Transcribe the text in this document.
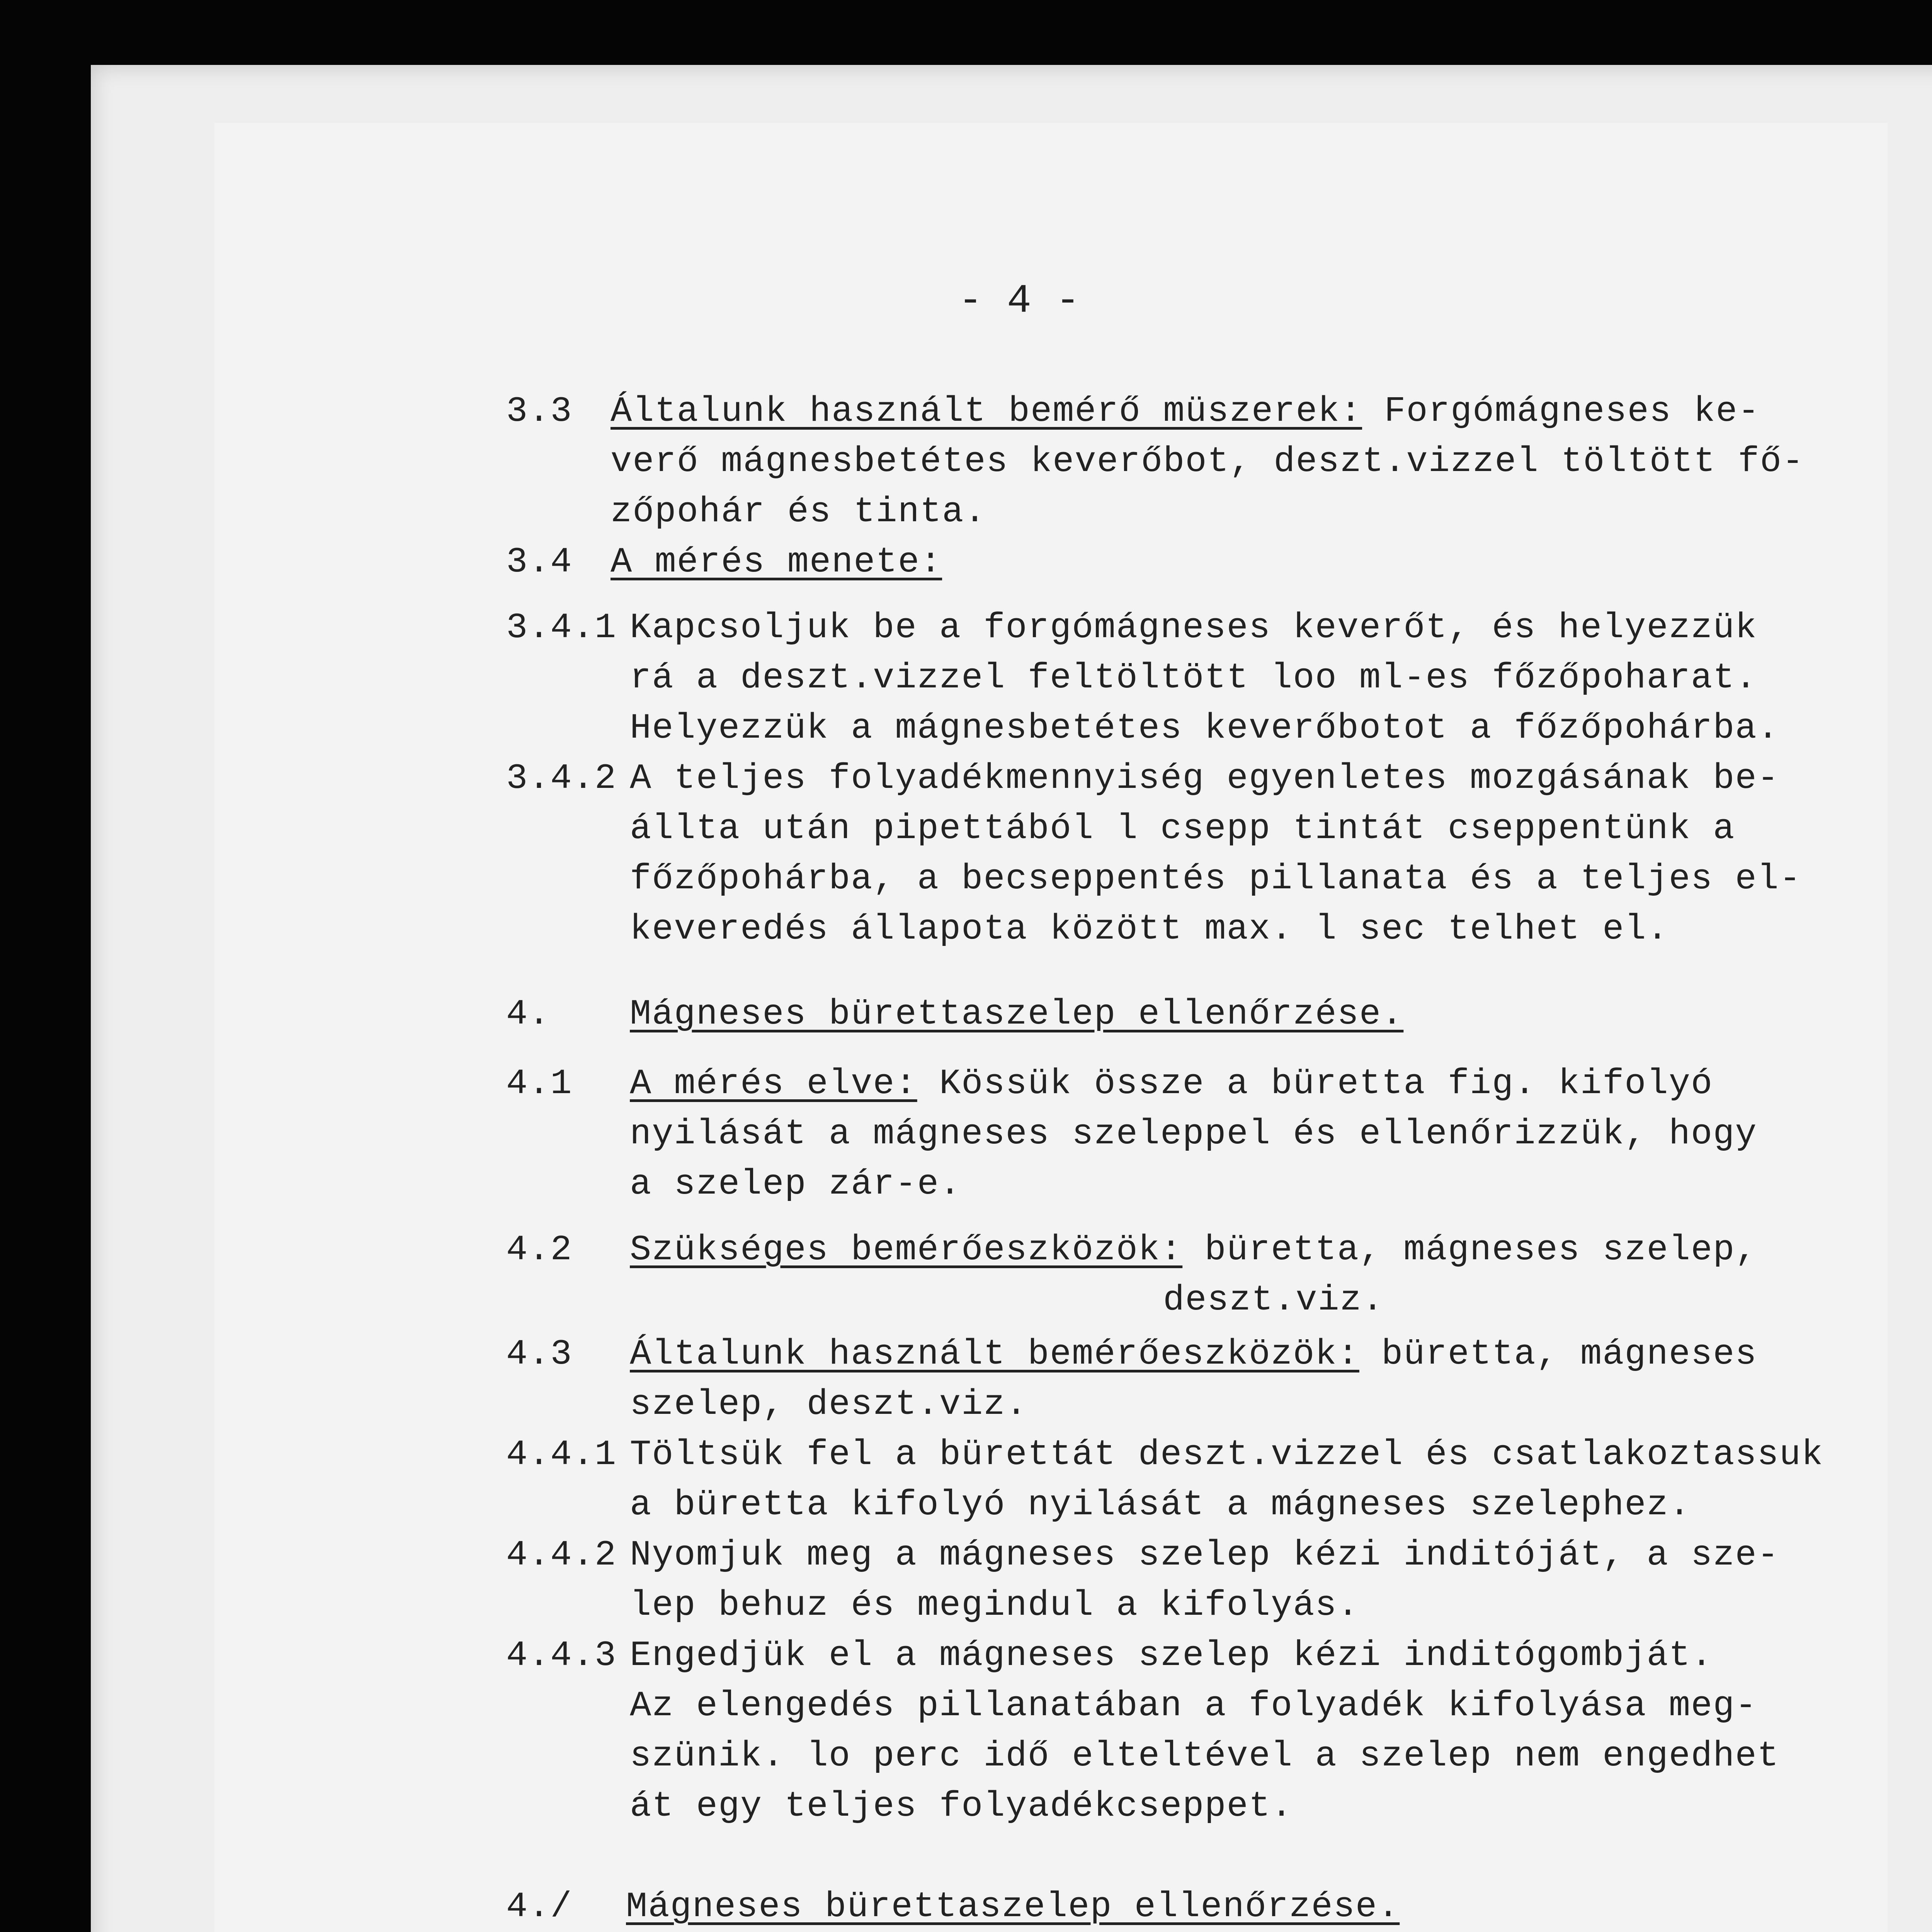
- 4 -
3.3 Általunk használt bemérő müszerek: Forgómágneses ke-
verő mágnesbetétes keverőbot, deszt.vizzel töltött fő-
zőpohár és tinta.
3.4 A mérés menete:
3.4.1 Kapcsoljuk be a forgómágneses keverőt, és helyezzük
rá a deszt.vizzel feltöltött loo ml-es főzőpoharat.
Helyezzük a mágnesbetétes keverőbotot a főzőpohárba.
3.4.2 A teljes folyadékmennyiség egyenletes mozgásának be-
állta után pipettából l csepp tintát cseppentünk a
főzőpohárba, a becseppentés pillanata és a teljes el-
keveredés állapota között max. l sec telhet el.
4. Mágneses bürettaszelep ellenőrzése.
4.1 A mérés elve: Kössük össze a büretta fig. kifolyó
nyilását a mágneses szeleppel és ellenőrizzük, hogy
a szelep zár-e.
4.2 Szükséges bemérőeszközök: büretta, mágneses szelep,
deszt.viz.
4.3 Általunk használt bemérőeszközök: büretta, mágneses
szelep, deszt.viz.
4.4.1 Töltsük fel a bürettát deszt.vizzel és csatlakoztassuk
a büretta kifolyó nyilását a mágneses szelephez.
4.4.2 Nyomjuk meg a mágneses szelep kézi inditóját, a sze-
lep behuz és megindul a kifolyás.
4.4.3 Engedjük el a mágneses szelep kézi inditógombját.
Az elengedés pillanatában a folyadék kifolyása meg-
szünik. lo perc idő elteltével a szelep nem engedhet
át egy teljes folyadékcseppet.
4./ Mágneses bürettaszelep ellenőrzése.
